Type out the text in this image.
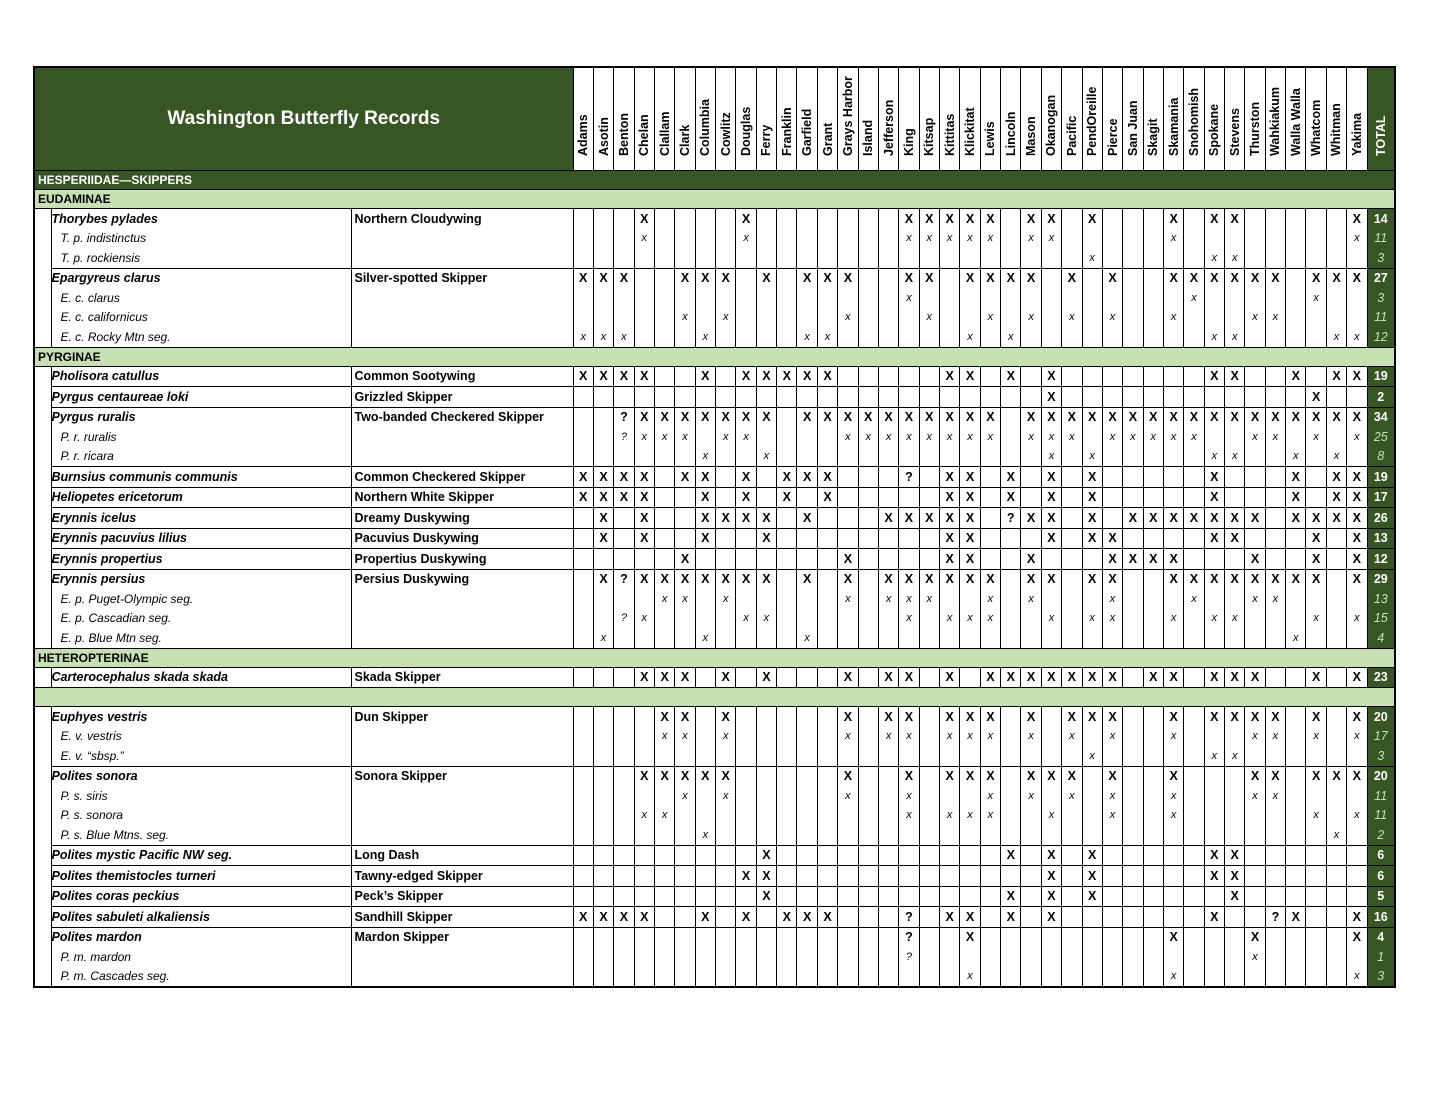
Washington Butterfly Records			Adams	Asotin	Benton	Chelan	Clallam	Clark	Columbia	Cowlitz	Douglas	Ferry	Franklin	Garfield	Grant	Grays Harbor	Island	Jefferson	King	Kitsap	Kittitas	Klickitat	Lewis	Lincoln	Mason	Okanogan	Pacific	PendOreille	Pierce	San Juan	Skagit	Skamania	Snohomish	Spokane	Stevens	Thurston	Wahkiakum	Walla Walla	Whatcom	Whitman	Yakima	TOTAL

HESPERIIDAE—SKIPPERS																																										
EUDAMINAE																																										
	Thorybes pylades	Northern Cloudywing				X					X								X	X	X	X	X		X	X		X				X		X	X						X	14
	T. p. indistinctus					x					x								x	x	x	x	x		x	x						x									x	11
	T. p. rockiensis																											x						x	x							3
	Epargyreus clarus	Silver-spotted Skipper	X	X	X			X	X	X		X		X	X	X			X	X		X	X	X	X		X		X			X	X	X	X	X	X		X	X	X	27
	E. c. clarus																		x														x						x			3
	E. c. californicus							x		x						x				x			x		x		x		x			x				x	x					11
	E. c. Rocky Mtn seg.		x	x	x				x					x	x							x		x										x	x					x	x	12
PYRGINAE																																										
	Pholisora catullus	Common Sootywing	X	X	X	X			X		X	X	X	X	X						X	X		X		X								X	X			X		X	X	19
	Pyrgus centaureae loki	Grizzled Skipper																								X													X			2
	Pyrgus ruralis	Two-banded Checkered Skipper			?	X	X	X	X	X	X	X		X	X	X	X	X	X	X	X	X	X		X	X	X	X	X	X	X	X	X	X	X	X	X	X	X	X	X	34
	P. r. ruralis				?	x	x	x		x	x					x	x	x	x	x	x	x	x		x	x	x		x	x	x	x	x			x	x		x		x	25
	P. r. ricara								x			x														x		x						x	x			x		x		8
	Burnsius communis communis	Common Checkered Skipper	X	X	X	X		X	X		X		X	X	X				?		X	X		X		X		X						X				X		X	X	19
	Heliopetes ericetorum	Northern White Skipper	X	X	X	X			X		X		X		X						X	X		X		X		X						X				X		X	X	17
	Erynnis icelus	Dreamy Duskywing		X		X			X	X	X	X		X				X	X	X	X	X		?	X	X		X		X	X	X	X	X	X	X		X	X	X	X	26
	Erynnis pacuvius lilius	Pacuvius Duskywing		X		X			X			X									X	X				X		X	X					X	X				X		X	13
	Erynnis propertius	Propertius Duskywing						X								X					X	X			X				X	X	X	X				X			X		X	12
	Erynnis persius	Persius Duskywing		X	?	X	X	X	X	X	X	X		X		X		X	X	X	X	X	X		X	X		X	X			X	X	X	X	X	X	X	X		X	29
	E. p. Puget-Olympic seg.						x	x		x						x		x	x	x			x		x				x				x			x	x					13
	E. p. Cascadian seg.				?	x					x	x							x		x	x	x			x		x	x			x		x	x				x		x	15
	E. p. Blue Mtn seg.			x					x					x																								x				4
HETEROPTERINAE																																										
	Carterocephalus skada skada	Skada Skipper				X	X	X		X		X				X		X	X		X		X	X	X	X	X	X	X		X	X		X	X	X			X		X	23

	Euphyes vestris	Dun Skipper					X	X		X						X		X	X		X	X	X		X		X	X	X			X		X	X	X	X		X		X	20
	E. v. vestris						x	x		x						x		x	x		x	x	x		x		x		x			x				x	x		x		x	17
	E. v. “sbsp.”																											x						x	x							3
	Polites sonora	Sonora Skipper				X	X	X	X	X						X			X		X	X	X		X	X	X		X			X				X	X		X	X	X	20
	P. s. siris							x		x						x			x				x		x		x		x			x				x	x					11
	P. s. sonora					x	x												x		x	x	x			x			x			x							x		x	11
	P. s. Blue Mtns. seg.								x																															x		2
	Polites mystic Pacific NW seg.	Long Dash										X												X		X		X						X	X							6
	Polites themistocles turneri	Tawny-edged Skipper									X	X														X		X						X	X							6
	Polites coras peckius	Peck’s Skipper										X												X		X		X							X							5
	Polites sabuleti alkaliensis	Sandhill Skipper	X	X	X	X			X		X		X	X	X				?		X	X		X		X								X			?	X			X	16
	Polites mardon	Mardon Skipper																	?			X										X				X					X	4
	P. m. mardon																		?																	x						1
	P. m. Cascades seg.																					x										x									x	3
